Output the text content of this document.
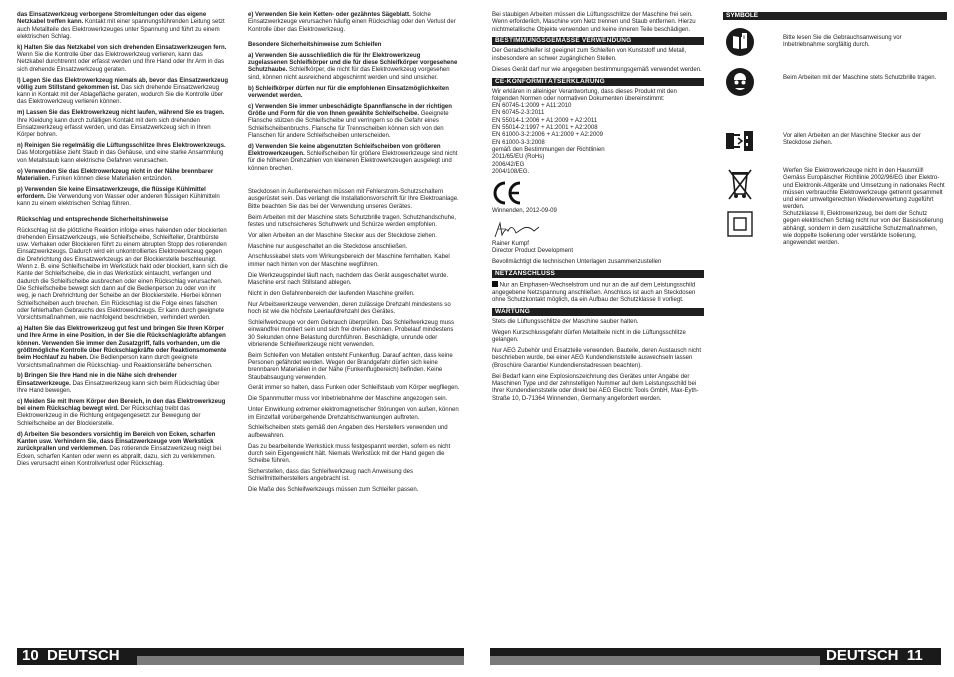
das Einsatzwerkzeug verborgene Stromleitungen oder das eigene Netzkabel treffen kann. Kontakt mit einer spannungsführenden Leitung setzt auch Metallteile des Elektrowerkzeuges unter Spannung und führt zu einem elektrischen Schlag.

k) Halten Sie das Netzkabel von sich drehenden Einsatzwerkzeugen fern. Wenn Sie die Kontrolle über das Elektrowerkzeug verlieren, kann das Netzkabel durchtrennt oder erfasst werden und Ihre Hand oder Ihr Arm in das sich drehende Einsatzwerkzeug geraten.

l) Legen Sie das Elektrowerkzeug niemals ab, bevor das Einsatzwerkzeug völlig zum Stillstand gekommen ist. Das sich drehende Einsatzwerkzeug kann in Kontakt mit der Ablagefläche geraten, wodurch Sie die Kontrolle über das Elektrowerkzeug verlieren können.

m) Lassen Sie das Elektrowerkzeug nicht laufen, während Sie es tragen. Ihre Kleidung kann durch zufälligen Kontakt mit dem sich drehenden Einsatzwerkzeug erfasst werden, und das Einsatzwerkzeug sich in Ihren Körper bohren.

n) Reinigen Sie regelmäßig die Lüftungsschlitze Ihres Elektrowerkzeugs. Das Motorgebläse zieht Staub in das Gehäuse, und eine starke Ansammlung von Metallstaub kann elektrische Gefahren verursachen.

o) Verwenden Sie das Elektrowerkzeug nicht in der Nähe brennbarer Materialien. Funken können diese Materialien entzünden.

p) Verwenden Sie keine Einsatzwerkzeuge, die flüssige Kühlmittel erfordern. Die Verwendung von Wasser oder anderen flüssigen Kühlmitteln kann zu einem elektrischen Schlag führen.

Rückschlag und entsprechende Sicherheitshinweise

Rückschlag ist die plötzliche Reaktion infolge eines hakenden oder blockierten drehenden Einsatzwerkzeugs, wie Schleifscheibe, Schleifteller, Drahtbürste usw. Verhaken oder Blockieren führt zu einem abrupten Stopp des rotierenden Einsatzwerkzeugs. Dadurch wird ein unkontrolliertes Elektrowerkzeug gegen die Drehrichtung des Einsatzwerkzeugs an der Blockierstelle beschleunigt. Wenn z. B. eine Schleifscheibe im Werkstück hakt oder blockiert, kann sich die Kante der Schleifscheibe, die in das Werkstück eintaucht, verfangen und dadurch die Schleifscheibe ausbrechen oder einen Rückschlag verursachen. Die Schleifscheibe bewegt sich dann auf die Bedienperson zu oder von ihr weg, je nach Drehrichtung der Scheibe an der Blockierstelle. Hierbei können Schleifscheiben auch brechen. Ein Rückschlag ist die Folge eines falschen oder fehlerhaften Gebrauchs des Elektrowerkzeugs. Er kann durch geeignete Vorsichtsmaßnahmen, wie nachfolgend beschrieben, verhindert werden.

a) Halten Sie das Elektrowerkzeug gut fest und bringen Sie Ihren Körper und Ihre Arme in eine Position, in der Sie die Rückschlagkräfte abfangen können. Verwenden Sie immer den Zusatzgriff, falls vorhanden, um die größtmögliche Kontrolle über Rückschlagkräfte oder Reaktionsmomente beim Hochlauf zu haben. Die Bedienperson kann durch geeignete Vorsichtsmaßnahmen die Rückschlag- und Reaktionskräfte beherrschen.

b) Bringen Sie Ihre Hand nie in die Nähe sich drehender Einsatzwerkzeuge. Das Einsatzwerkzeug kann sich beim Rückschlag über Ihre Hand bewegen.

c) Meiden Sie mit Ihrem Körper den Bereich, in den das Elektrowerkzeug bei einem Rückschlag bewegt wird. Der Rückschlag treibt das Elektrowerkzeug in die Richtung entgegengesetzt zur Bewegung der Schleifscheibe an der Blockierstelle.

d) Arbeiten Sie besonders vorsichtig im Bereich von Ecken, scharfen Kanten usw. Verhindern Sie, dass Einsatzwerkzeuge vom Werkstück zurückprallen und verklemmen. Das rotierende Einsatzwerkzeug neigt bei Ecken, scharfen Kanten oder wenn es abprallt, dazu, sich zu verklemmen. Dies verursacht einen Kontrollverlust oder Rückschlag.

e) Verwenden Sie kein Ketten- oder gezähntes Sägeblatt. Solche Einsatzwerkzeuge verursachen häufig einen Rückschlag oder den Verlust der Kontrolle über das Elektrowerkzeug.

Besondere Sicherheitshinweise zum Schleifen

a) Verwenden Sie ausschließlich die für Ihr Elektrowerkzeug zugelassenen Schleifkörper und die für diese Schleifkörper vorgesehene Schutzhaube. Schleifkörper, die nicht für das Elektrowerkzeug vorgesehen sind, können nicht ausreichend abgeschirmt werden und sind unsicher.

b) Schleifkörper dürfen nur für die empfohlenen Einsatzmöglichkeiten verwendet werden.

c) Verwenden Sie immer unbeschädigte Spannflansche in der richtigen Größe und Form für die von Ihnen gewählte Schleifscheibe. Geeignete Flansche stützen die Schleifscheibe und verringern so die Gefahr eines Schleifscheibenbruchs. Flansche für Trennscheiben können sich von den Flanschen für andere Schleifscheiben unterscheiden.

d) Verwenden Sie keine abgenutzten Schleifscheiben von größeren Elektrowerkzeugen. Schleifscheiben für größere Elektrowerkzeuge sind nicht für die höheren Drehzahlen von kleineren Elektrowerkzeugen ausgelegt und können brechen.

Steckdosen in Außenbereichen müssen mit Fehlerstrom-Schutzschaltern ausgerüstet sein. Das verlangt die Installationsvorschrift für Ihre Elektroanlage. Bitte beachten Sie das bei der Verwendung unseres Gerätes.

Beim Arbeiten mit der Maschine stets Schutzbrille tragen. Schutzhandschuhe, festes und rutschsicheres Schuhwerk und Schürze werden empfohlen.

Vor allen Arbeiten an der Maschine Stecker aus der Steckdose ziehen.

Maschine nur ausgeschaltet an die Steckdose anschließen.

Anschlusskabel stets vom Wirkungsbereich der Maschine fernhalten. Kabel immer nach hinten von der Maschine wegführen.

Die Werkzeugspindel läuft nach, nachdem das Gerät ausgeschaltet wurde. Maschine erst nach Stillstand ablegen.

Nicht in den Gefahrenbereich der laufenden Maschine greifen.

Nur Arbeitswerkzeuge verwenden, deren zulässige Drehzahl mindestens so hoch ist wie die höchste Leerlaufdrehzahl des Gerätes.

Schleifwerkzeuge vor dem Gebrauch überprüfen. Das Schleifwerkzeug muss einwandfrei montiert sein und sich frei drehen können. Probelauf mindestens 30 Sekunden ohne Belastung durchführen. Beschädigte, unrunde oder vibrierende Schleifwerkzeuge nicht verwenden.

Beim Schleifen von Metallen entsteht Funkenflug. Darauf achten, dass keine Personen gefährdet werden. Wegen der Brandgefahr dürfen sich keine brennbaren Materialien in der Nähe (Funkenflugbereich) befinden. Keine Staubabsaugung verwenden.

Gerät immer so halten, dass Funken oder Schleifstaub vom Körper wegfliegen.

Die Spannmutter muss vor Inbetriebnahme der Maschine angezogen sein.

Unter Einwirkung extremer elektromagnetischer Störungen von außen, können im Einzelfall vorübergehende Drehzahlschwankungen auftreten.

Schleifscheiben stets gemäß den Angaben des Herstellers verwenden und aufbewahren.

Das zu bearbeitende Werkstück muss festgespannt werden, sofern es nicht durch sein Eigengewicht hält. Niemals Werkstück mit der Hand gegen die Scheibe führen.

Sicherstellen, dass das Schleifwerkzeug nach Anweisung des Schleifmittelherstellers angebracht ist.

Die Maße des Schleifwerkzeugs müssen zum Schleifer passen.

Bei staubigen Arbeiten müssen die Lüftungsschlitze der Maschine frei sein. Wenn erforderlich, Maschine vom Netz trennen und Staub entfernen. Hierzu nichtmetallische Objekte verwenden und keine inneren Teile beschädigen.

BESTIMMUNGSGEMÄSSE VERWENDUNG

Der Geradschleifer ist geeignet zum Schleifen von Kunststoff und Metall, insbesondere an schwer zugänglichen Stellen.

Dieses Gerät darf nur wie angegeben bestimmungsgemäß verwendet werden.

CE-KONFORMITÄTSERKLÄRUNG

Wir erklären in alleiniger Verantwortung, dass dieses Produkt mit den folgenden Normen oder normativen Dokumenten übereinstimmt:

EN 60745-1:2009 + A11:2010
EN 60745-2-3:2011
EN 55014-1:2006 + A1:2009 + A2:2011
EN 55014-2:1997 + A1:2001 + A2:2008
EN 61000-3-2:2006 + A1:2009 + A2:2009
EN 61000-3-3:2008
gemäß den Bestimmungen der Richtlinien
2011/65/EU (RoHs)
2006/42/EG
2004/108/EG.

Winnenden, 2012-09-09

Rainer Kumpf

Director Product Development

Bevollmächtigt die technischen Unterlagen zusammenzustellen

NETZANSCHLUSS

Nur an Einphasen-Wechselstrom und nur an die auf dem Leistungsschild angegebene Netzspannung anschließen. Anschluss ist auch an Steckdosen ohne Schutzkontakt möglich, da ein Aufbau der Schutzklasse II vorliegt.

WARTUNG

Stets die Lüftungsschlitze der Maschine sauber halten.

Wegen Kurzschlussgefahr dürfen Metallteile nicht in die Lüftungsschlitze gelangen.

Nur AEG Zubehör und Ersatzteile verwenden. Bauteile, deren Austausch nicht beschrieben wurde, bei einer AEG Kundendienststelle auswechseln lassen (Broschüre Garantie/ Kundendienstadressen beachten).

Bei Bedarf kann eine Explosionszeichnung des Gerätes unter Angabe der Maschinen Type und der zehnstelligen Nummer auf dem Leistungsschild bei Ihrer Kundendienststelle oder direkt bei AEG Electric Tools GmbH, Max-Eyth-Straße 10, D-71364 Winnenden, Germany angefordert werden.

SYMBOLE
i	Bitte lesen Sie die Gebrauchsanweisung vor Inbetriebnahme sorgfältig durch.
Beim Arbeiten mit der Maschine stets Schutzbrille tragen.
Vor allen Arbeiten an der Maschine Stecker aus der Steckdose ziehen.
Werfen Sie Elektrowerkzeuge nicht in den Hausmüll! Gemäss Europäischer Richtlinie 2002/96/EG über Elektro- und Elektronik-Altgeräte und Umsetzung in nationales Recht müssen verbrauchte Elektrowerkzeuge getrennt gesammelt und einer umweltgerechten Wiederverwertung zugeführt werden.
Schutzklasse II, Elektrowerkzeug, bei dem der Schutz gegen elektrischen Schlag nicht nur von der Basisisolierung abhängt, sondern in dem zusätzliche Schutzmaßnahmen, wie doppelte Isolierung oder verstärkte Isolierung, angewendet werden.
10 DEUTSCH	DEUTSCH 11
